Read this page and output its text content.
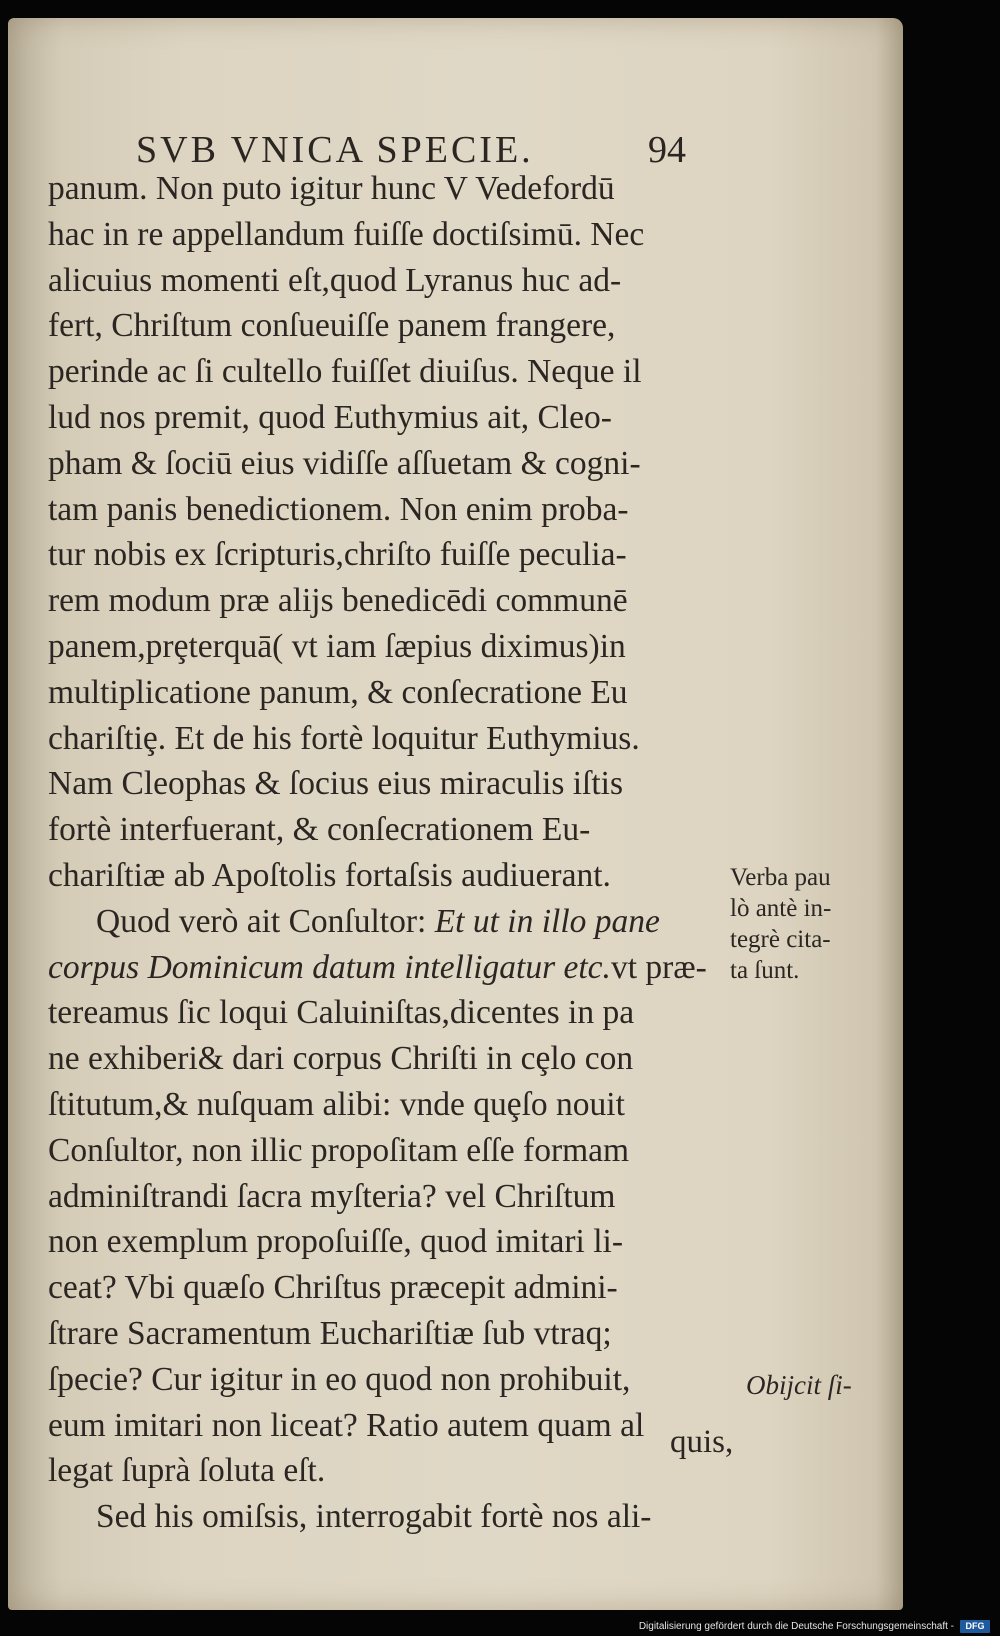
SVB VNICA SPECIE.	94
panum. Non puto igitur hunc V Vedefordū
hac in re appellandum fuiſſe doctiſsimū. Nec
alicuius momenti eſt,quod Lyranus huc ad-
fert, Chriſtum conſueuiſſe panem frangere,
perinde ac ſi cultello fuiſſet diuiſus. Neque il
lud nos premit, quod Euthymius ait, Cleo-
pham & ſociū eius vidiſſe aſſuetam & cogni-
tam panis benedictionem. Non enim proba-
tur nobis ex ſcripturis,chriſto fuiſſe peculia-
rem modum præ alijs benedicēdi communē
panem,prȩterquā( vt iam ſæpius diximus)in
multiplicatione panum, & conſecratione Eu
chariſtiȩ. Et de his fortè loquitur Euthymius.
Nam Cleophas & ſocius eius miraculis iſtis
fortè interfuerant, & conſecrationem Eu-
chariſtiæ ab Apoſtolis fortaſsis audiuerant.
Quod verò ait Conſultor: Et ut in illo pane
corpus Dominicum datum intelligatur etc.vt præ-
tereamus ſic loqui Caluiniſtas,dicentes in pa
ne exhiberi& dari corpus Chriſti in cȩlo con
ſtitutum,& nuſquam alibi: vnde quȩſo nouit
Conſultor, non illic propoſitam eſſe formam
adminiſtrandi ſacra myſteria? vel Chriſtum
non exemplum propoſuiſſe, quod imitari li-
ceat? Vbi quæſo Chriſtus præcepit admini-
ſtrare Sacramentum Euchariſtiæ ſub vtraq;
ſpecie? Cur igitur in eo quod non prohibuit,
eum imitari non liceat? Ratio autem quam al
legat ſuprà ſoluta eſt.
Sed his omiſsis, interrogabit fortè nos ali-
Verba pau
lò antè in-
tegrè cita-
ta ſunt.
Obijcit ſi-
quis,
Digitalisierung gefördert durch die Deutsche Forschungsgemeinschaft -	DFG
